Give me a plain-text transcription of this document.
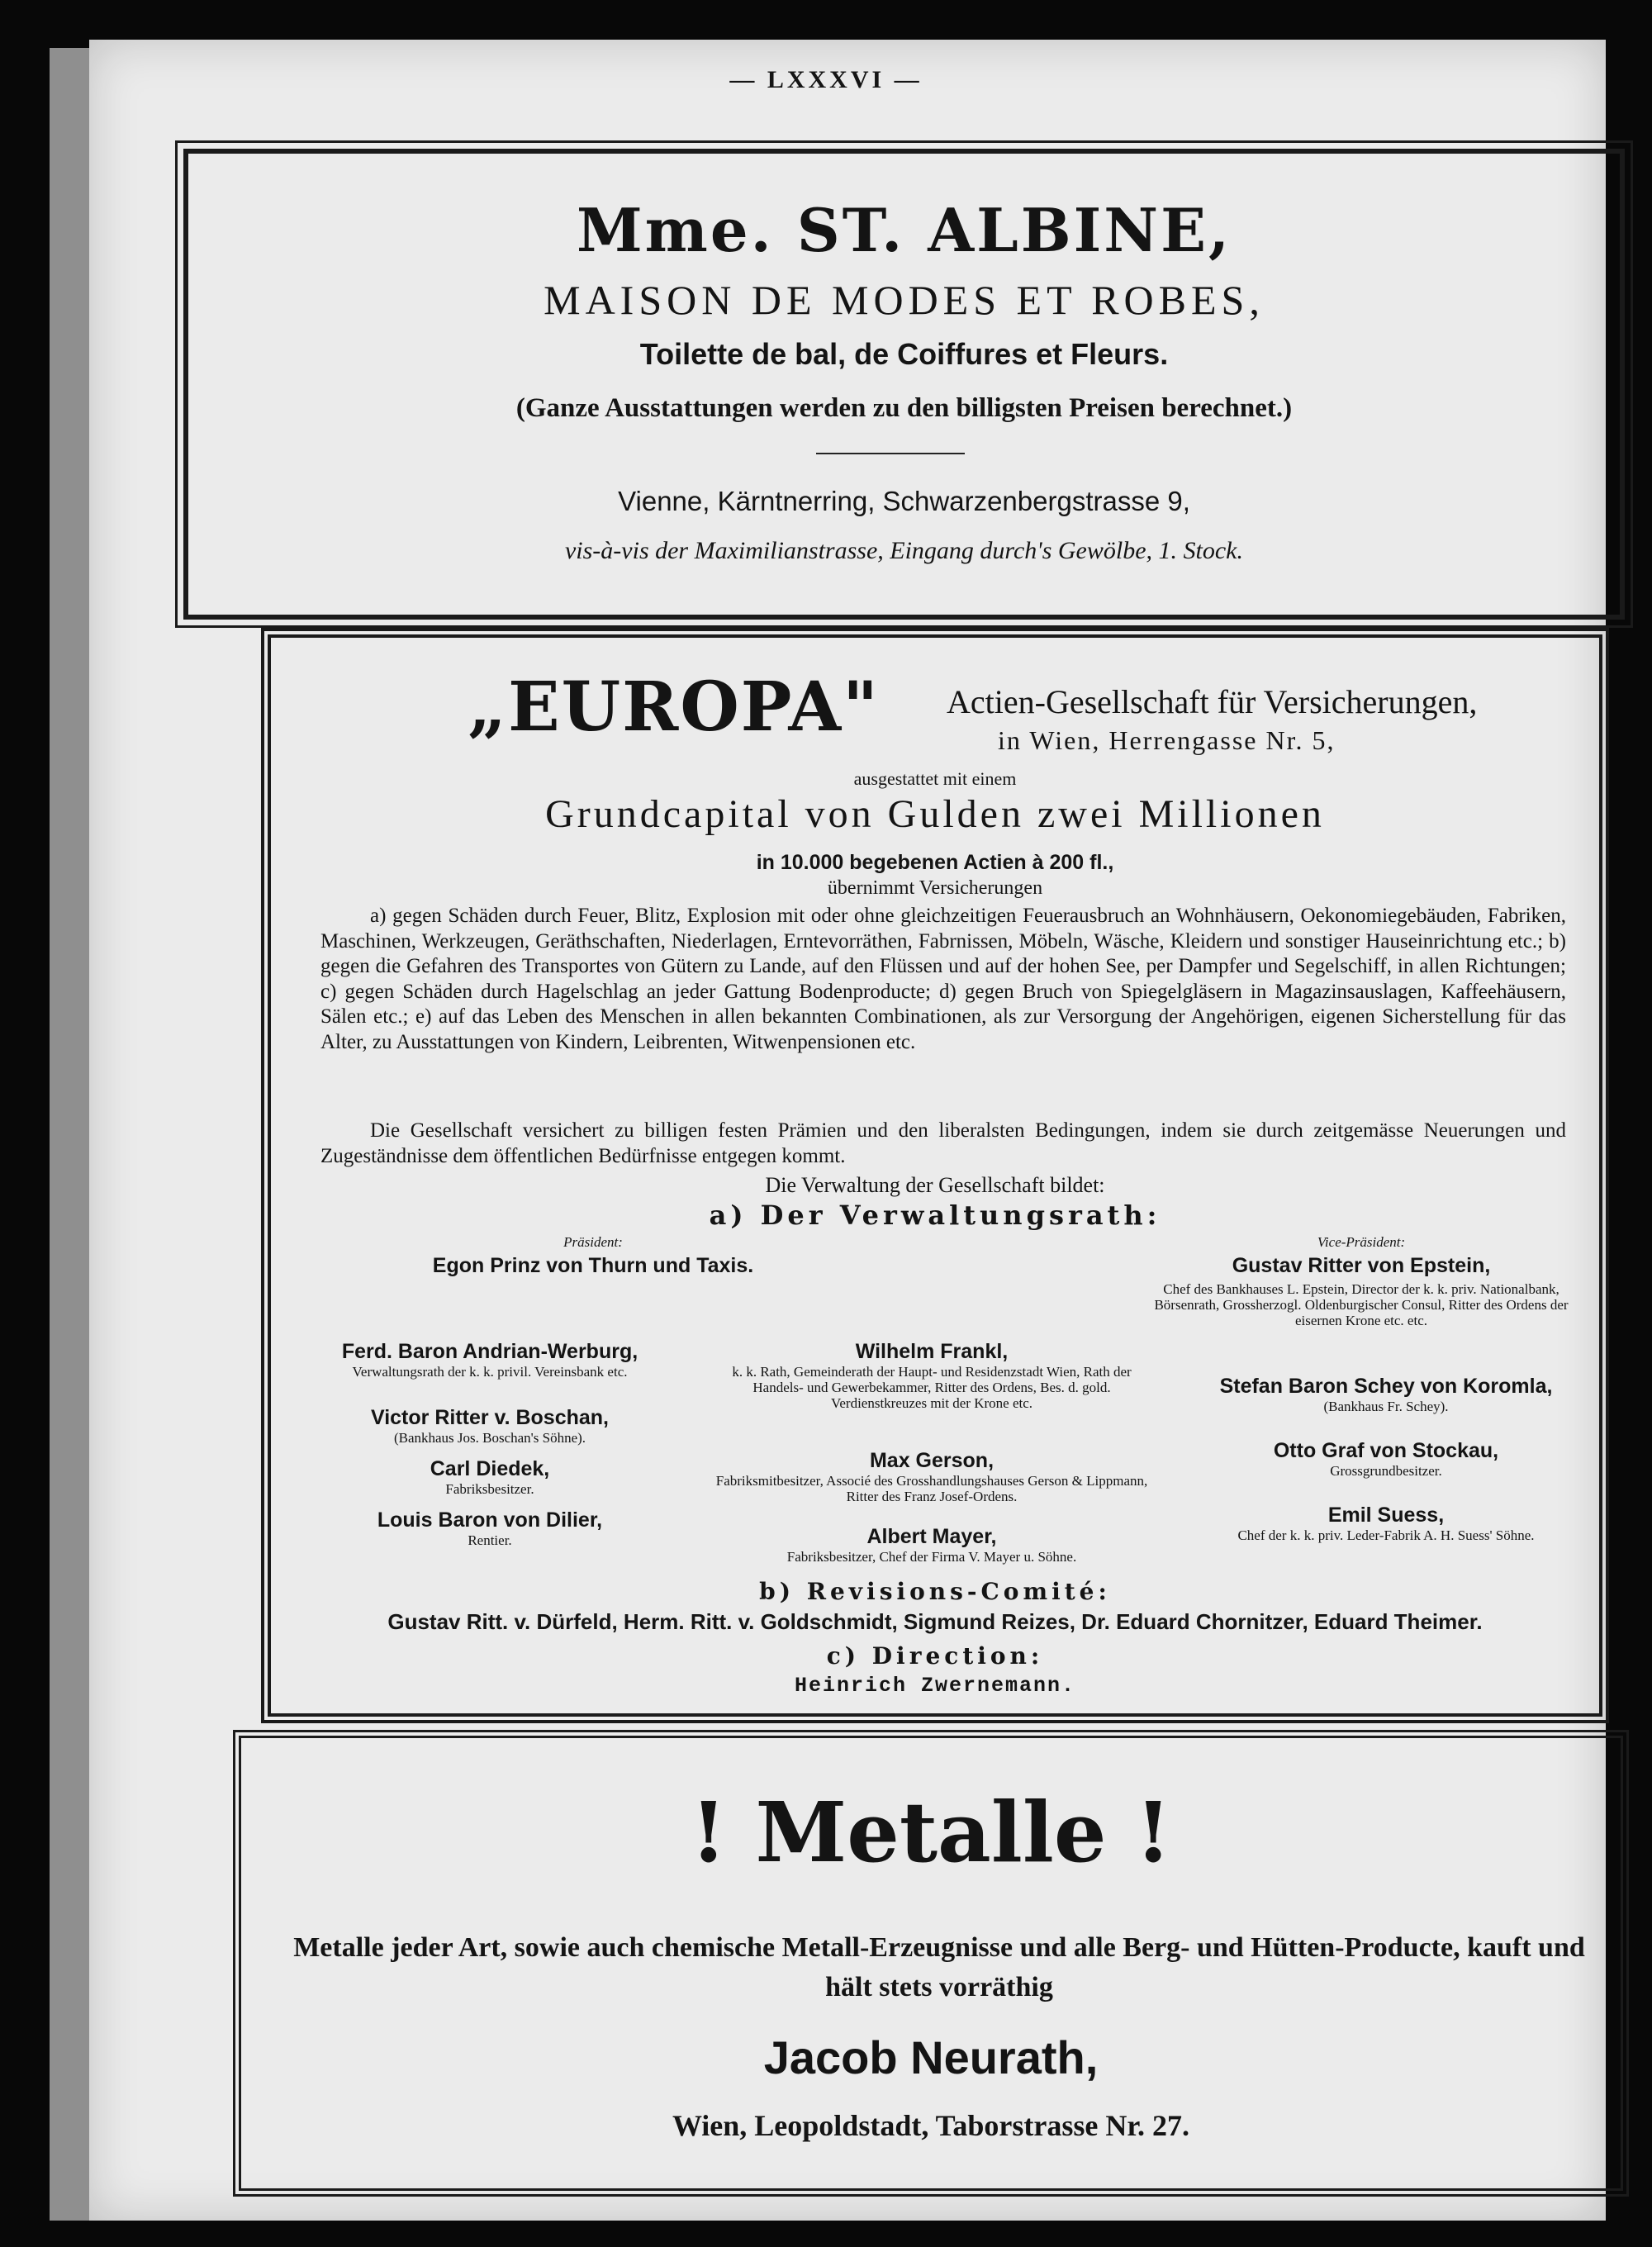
— LXXXVI —
Mme. ST. ALBINE,
MAISON DE MODES ET ROBES,
Toilette de bal, de Coiffures et Fleurs.
(Ganze Ausstattungen werden zu den billigsten Preisen berechnet.)
Vienne, Kärntnerring, Schwarzenbergstrasse 9,
vis-à-vis der Maximilianstrasse, Eingang durch's Gewölbe, 1. Stock.
„EUROPA" Actien-Gesellschaft für Versicherungen,
in Wien, Herrengasse Nr. 5,
ausgestattet mit einem
Grundcapital von Gulden zwei Millionen
in 10.000 begebenen Actien à 200 fl.,
übernimmt Versicherungen
a) gegen Schäden durch Feuer, Blitz, Explosion mit oder ohne gleichzeitigen Feuerausbruch an Wohnhäusern, Oekonomiegebäuden, Fabriken, Maschinen, Werkzeugen, Geräthschaften, Niederlagen, Erntevorräthen, Fabrnissen, Möbeln, Wäsche, Kleidern und sonstiger Hauseinrichtung etc.; b) gegen die Gefahren des Transportes von Gütern zu Lande, auf den Flüssen und auf der hohen See, per Dampfer und Segelschiff, in allen Richtungen; c) gegen Schäden durch Hagelschlag an jeder Gattung Bodenproducte; d) gegen Bruch von Spiegelgläsern in Magazinsauslagen, Kaffeehäusern, Sälen etc.; e) auf das Leben des Menschen in allen bekannten Combinationen, als zur Versorgung der Angehörigen, eigenen Sicherstellung für das Alter, zu Ausstattungen von Kindern, Leibrenten, Witwenpensionen etc.
Die Gesellschaft versichert zu billigen festen Prämien und den liberalsten Bedingungen, indem sie durch zeitgemässe Neuerungen und Zugeständnisse dem öffentlichen Bedürfnisse entgegen kommt.
Die Verwaltung der Gesellschaft bildet:
a) Der Verwaltungsrath:
Präsident:
Egon Prinz von Thurn und Taxis.
Vice-Präsident:
Gustav Ritter von Epstein,
Chef des Bankhauses L. Epstein, Director der k. k. priv. Nationalbank, Börsenrath, Grossherzogl. Oldenburgischer Consul, Ritter des Ordens der eisernen Krone etc. etc.
Ferd. Baron Andrian-Werburg,
Verwaltungsrath der k. k. privil. Vereinsbank etc.
Victor Ritter v. Boschan,
(Bankhaus Jos. Boschan's Söhne).
Carl Diedek,
Fabriksbesitzer.
Louis Baron von Dilier,
Rentier.
Wilhelm Frankl,
k. k. Rath, Gemeinderath der Haupt- und Residenzstadt Wien, Rath der Handels- und Gewerbekammer, Ritter des Ordens, Bes. d. gold. Verdienstkreuzes mit der Krone etc.
Max Gerson,
Fabriksmitbesitzer, Associé des Grosshandlungshauses Gerson & Lippmann, Ritter des Franz Josef-Ordens.
Albert Mayer,
Fabriksbesitzer, Chef der Firma V. Mayer u. Söhne.
Stefan Baron Schey von Koromla,
(Bankhaus Fr. Schey).
Otto Graf von Stockau,
Grossgrundbesitzer.
Emil Suess,
Chef der k. k. priv. Leder-Fabrik A. H. Suess' Söhne.
b) Revisions-Comité:
Gustav Ritt. v. Dürfeld, Herm. Ritt. v. Goldschmidt, Sigmund Reizes, Dr. Eduard Chornitzer, Eduard Theimer.
c) Direction:
Heinrich Zwernemann.
! Metalle !
Metalle jeder Art, sowie auch chemische Metall-Erzeugnisse und alle Berg- und Hütten-Producte, kauft und hält stets vorräthig
Jacob Neurath,
Wien, Leopoldstadt, Taborstrasse Nr. 27.
